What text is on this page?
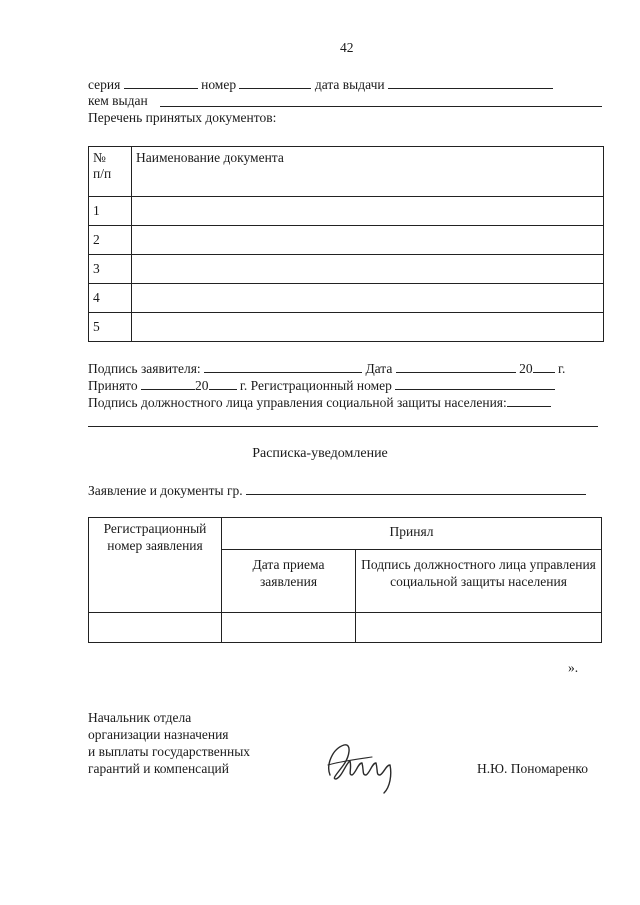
42
серия	номер	дата выдачи
кем выдан
Перечень принятых документов:
№ п/п	Наименование документа
1	
2	
3	
4	
5	
Подпись заявителя:	Дата	20 г.
Принято	20 г. Регистрационный номер
Подпись должностного лица управления социальной защиты населения:
Расписка-уведомление
Заявление и документы гр.
Регистрационный номер заявления	Принял	
	Дата приема заявления	Подпись должностного лица управления социальной защиты населения

».
Начальник отдела
организации назначения
и выплаты государственных
гарантий и компенсаций	Н.Ю. Пономаренко
